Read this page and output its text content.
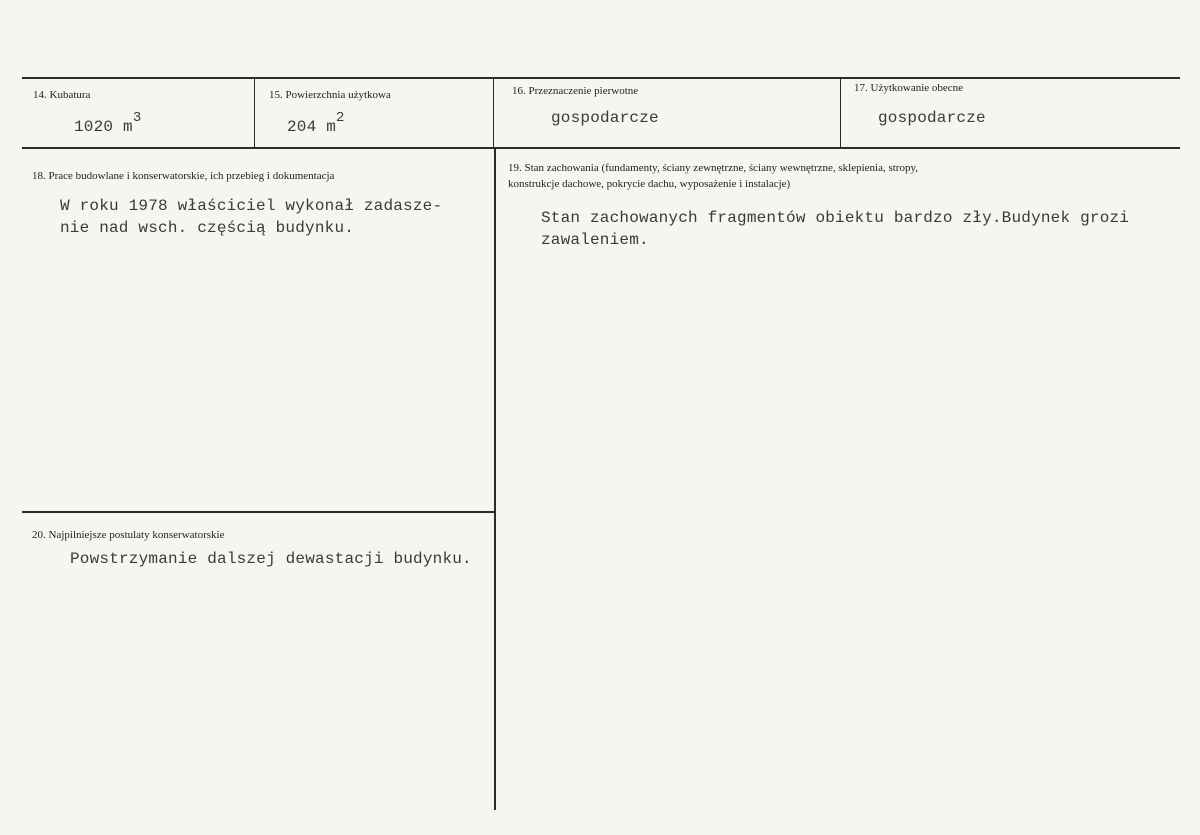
14. Kubatura
1020 m3
15. Powierzchnia użytkowa
204 m2
16. Przeznaczenie pierwotne
gospodarcze
17. Użytkowanie obecne
gospodarcze
18. Prace budowlane i konserwatorskie, ich przebieg i dokumentacja
W roku 1978 właściciel wykonał zadasze-
nie nad wsch. częścią budynku.
19. Stan zachowania (fundamenty, ściany zewnętrzne, ściany wewnętrzne, sklepienia, stropy,
konstrukcje dachowe, pokrycie dachu, wyposażenie i instalacje)
Stan zachowanych fragmentów obiektu bardzo zły.Budynek grozi
zawaleniem.
20. Najpilniejsze postulaty konserwatorskie
Powstrzymanie dalszej dewastacji budynku.
